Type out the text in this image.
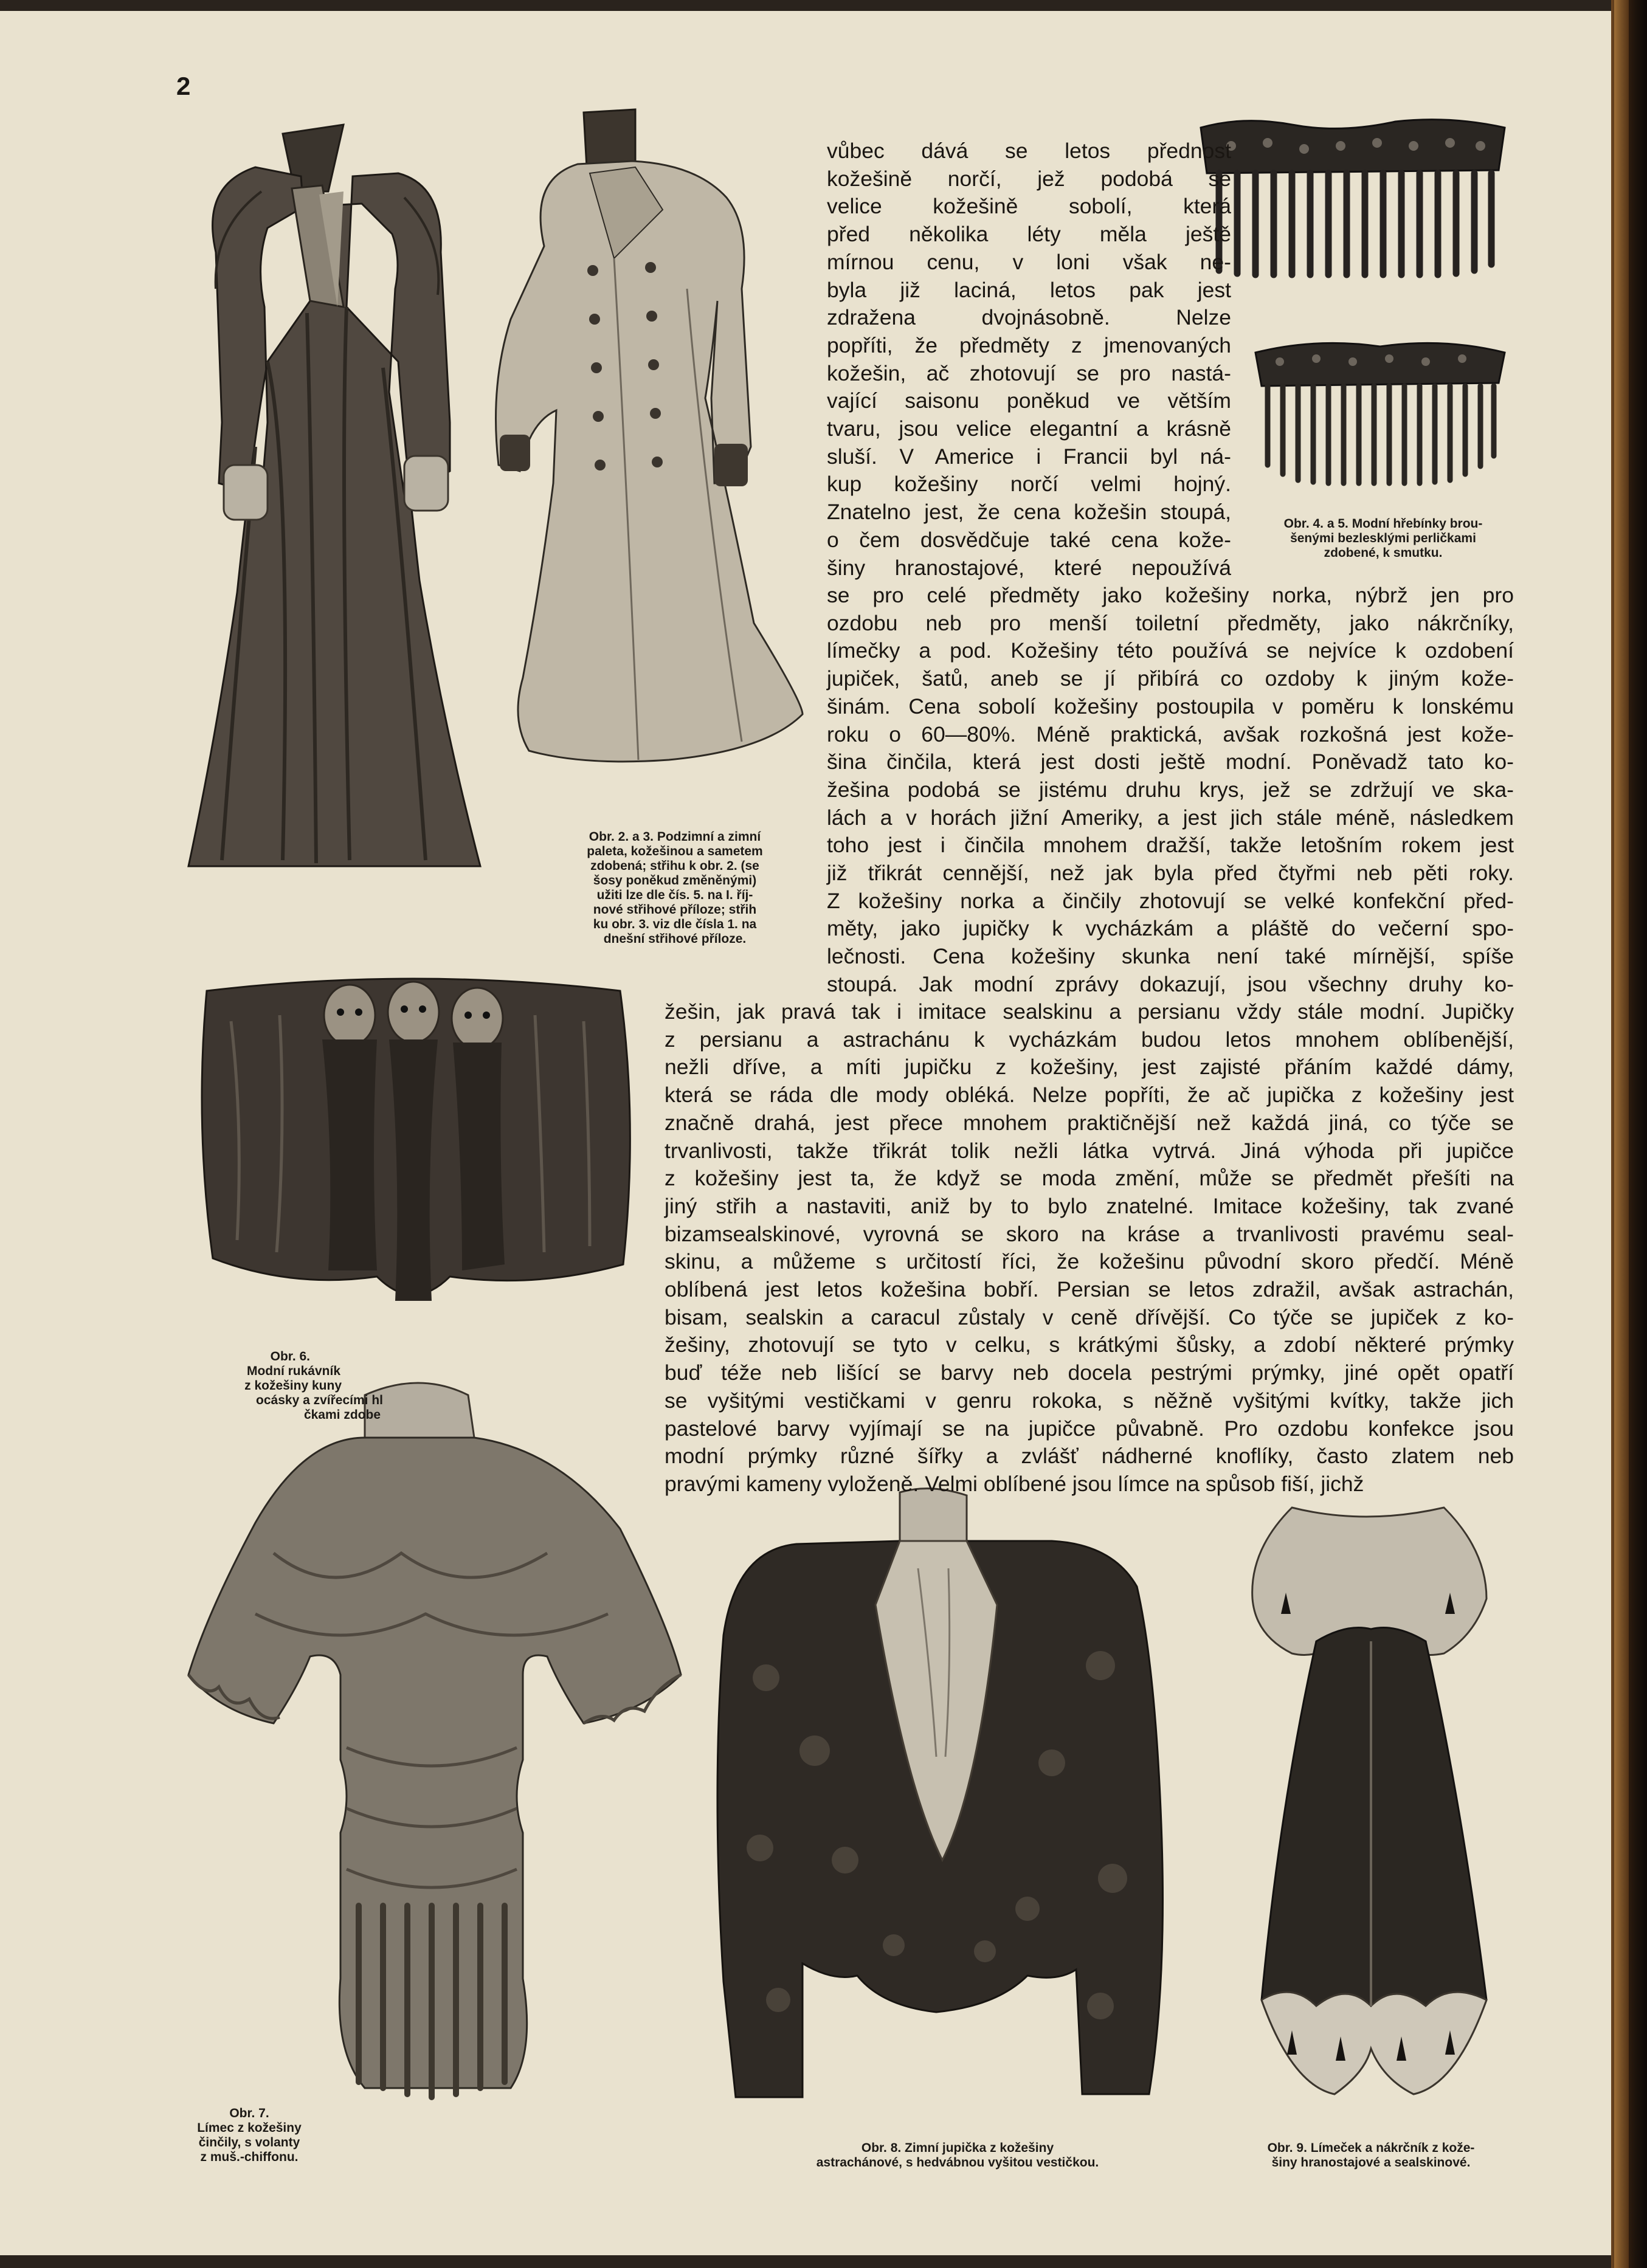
2
vůbec dává se letos přednost
kožešině norčí, jež podobá se
velice kožešině sobolí, která
před několika léty měla ještě
mírnou cenu, v loni však ne-
byla již laciná, letos pak jest
zdražena dvojnásobně. Nelze
popříti, že předměty z jmenovaných
kožešin, ač zhotovují se pro nastá-
vající saisonu poněkud ve větším
tvaru, jsou velice elegantní a krásně
sluší. V Americe i Francii byl ná-
kup kožešiny norčí velmi hojný.
Znatelno jest, že cena kožešin stoupá,
o čem dosvědčuje také cena kože-
šiny hranostajové, které nepoužívá
se pro celé předměty jako kožešiny norka, nýbrž jen pro
ozdobu neb pro menší toiletní předměty, jako nákrčníky,
límečky a pod. Kožešiny této používá se nejvíce k ozdobení
jupiček, šatů, aneb se jí přibírá co ozdoby k jiným kože-
šinám. Cena sobolí kožešiny postoupila v poměru k lonskému
roku o 60—80%. Méně praktická, avšak rozkošná jest kože-
šina činčila, která jest dosti ještě modní. Poněvadž tato ko-
žešina podobá se jistému druhu krys, jež se zdržují ve ska-
lách a v horách jižní Ameriky, a jest jich stále méně, následkem
toho jest i činčila mnohem dražší, takže letošním rokem jest
již třikrát cennější, než jak byla před čtyřmi neb pěti roky.
Z kožešiny norka a činčily zhotovují se velké konfekční před-
měty, jako jupičky k vycházkám a pláště do večerní spo-
lečnosti. Cena kožešiny skunka není také mírnější, spíše
stoupá. Jak modní zprávy dokazují, jsou všechny druhy ko-
žešin, jak pravá tak i imitace sealskinu a persianu vždy stále modní. Jupičky
z persianu a astrachánu k vycházkám budou letos mnohem oblíbenější,
nežli dříve, a míti jupičku z kožešiny, jest zajisté přáním každé dámy,
která se ráda dle mody obléká. Nelze popříti, že ač jupička z kožešiny jest
značně drahá, jest přece mnohem praktičnější než každá jiná, co týče se
trvanlivosti, takže třikrát tolik nežli látka vytrvá. Jiná výhoda při jupičce
z kožešiny jest ta, že když se moda změní, může se předmět přešíti na
jiný střih a nastaviti, aniž by to bylo znatelné. Imitace kožešiny, tak zvané
bizamsealskinové, vyrovná se skoro na kráse a trvanlivosti pravému seal-
skinu, a můžeme s určitostí říci, že kožešinu původní skoro předčí. Méně
oblíbená jest letos kožešina bobří. Persian se letos zdražil, avšak astrachán,
bisam, sealskin a caracul zůstaly v ceně dřívější. Co týče se jupiček z ko-
žešiny, zhotovují se tyto v celku, s krátkými šůsky, a zdobí některé prýmky
buď téže neb lišící se barvy neb docela pestrými prýmky, jiné opět opatří
se vyšitými vestičkami v genru rokoka, s něžně vyšitými kvítky, takže jich
pastelové barvy vyjímají se na jupičce půvabně. Pro ozdobu konfekce jsou
modní prýmky různé šířky a zvlášť nádherné knoflíky, často zlatem neb
pravými kameny vyloženě. Velmi oblíbené jsou límce na spůsob fiší, jichž
Obr. 2. a 3. Podzimní a zimní
paleta, kožešinou a sametem
zdobená; střihu k obr. 2. (se
šosy poněkud změněnými)
užiti lze dle čís. 5. na I. říj-
nové střihové příloze; střih
ku obr. 3. viz dle čísla 1. na
dnešní střihové příloze.
Obr. 4. a 5. Modní hřebínky brou-
šenými bezlesklými perličkami
zdobené, k smutku.
Obr. 6.
Modní rukávník
z kožešiny kuny
ocásky a zvířecími hl
čkami zdobe
Obr. 7.
Límec z kožešiny
činčily, s volanty
z muš.-chiffonu.
Obr. 8. Zimní jupička z kožešiny
astrachánové, s hedvábnou vyšitou vestičkou.
Obr. 9. Límeček a nákrčník z kože-
šiny hranostajové a sealskinové.
